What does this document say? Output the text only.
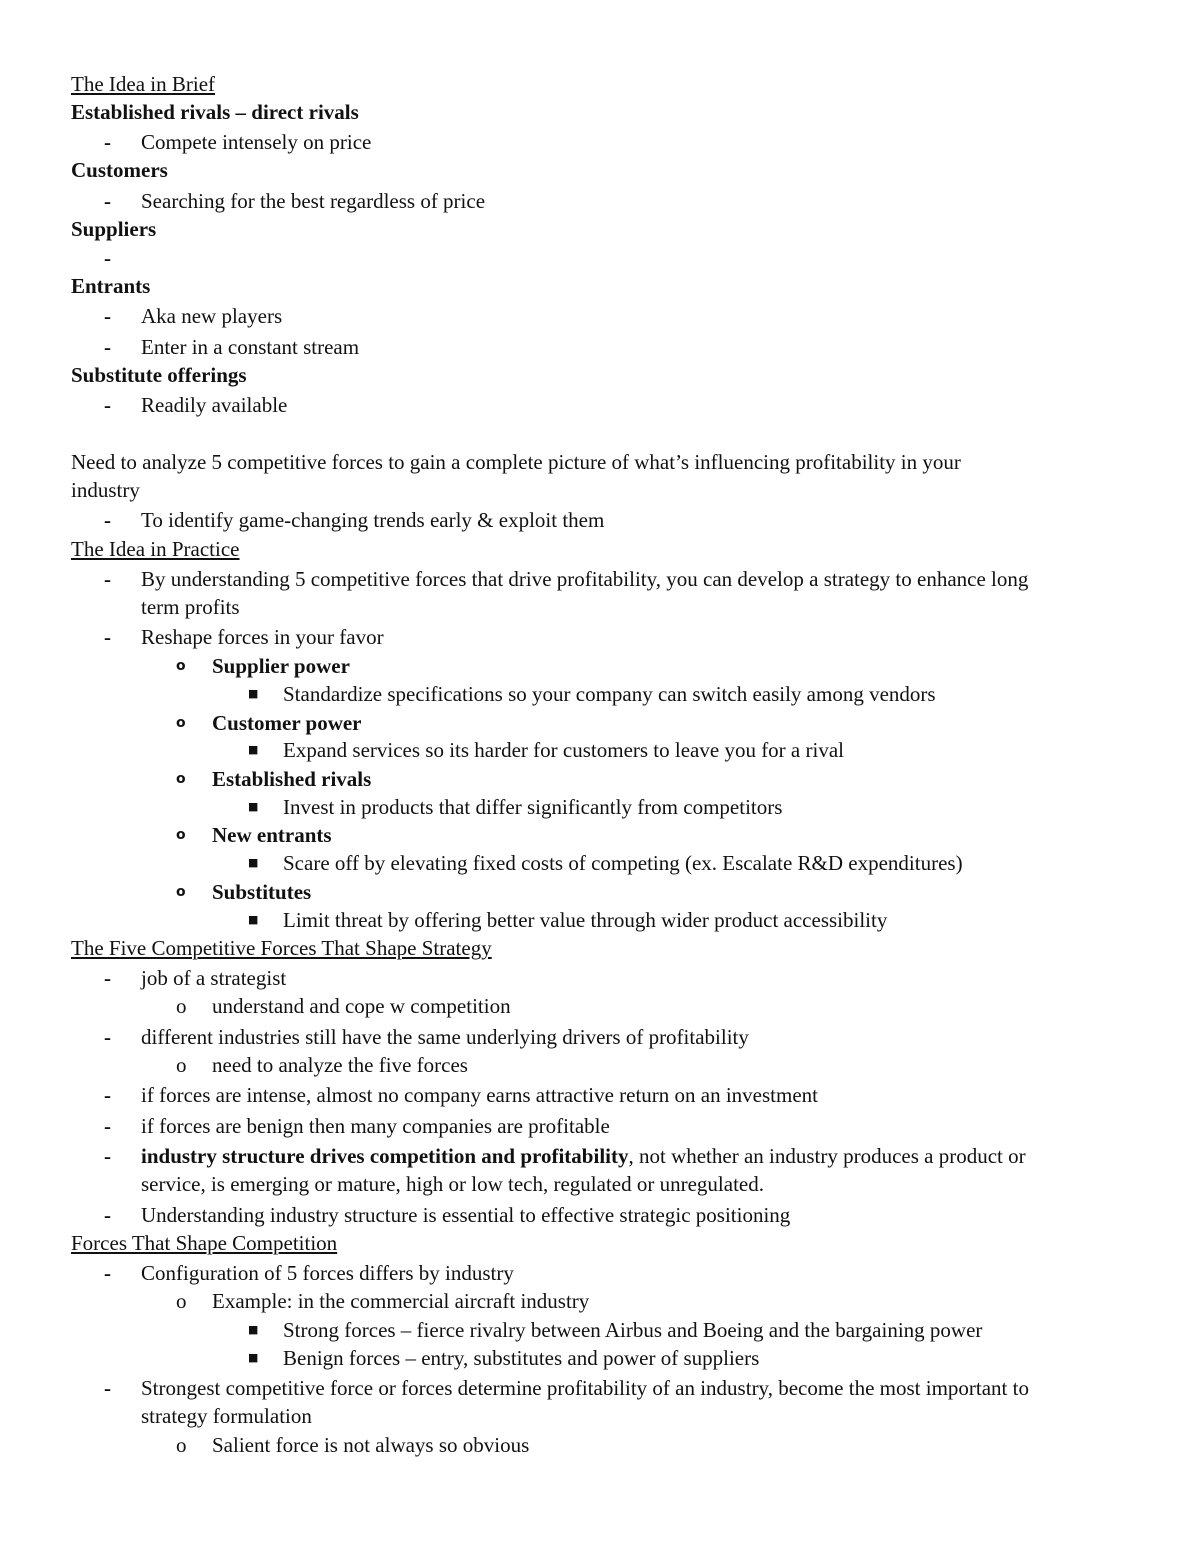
The Idea in Brief
Established rivals – direct rivals
- Compete intensely on price
Customers
- Searching for the best regardless of price
Suppliers
-
Entrants
- Aka new players
- Enter in a constant stream
Substitute offerings
- Readily available
Need to analyze 5 competitive forces to gain a complete picture of what’s influencing profitability in your
industry
- To identify game-changing trends early & exploit them
The Idea in Practice
- By understanding 5 competitive forces that drive profitability, you can develop a strategy to enhance long
term profits
- Reshape forces in your favor
o Supplier power
■ Standardize specifications so your company can switch easily among vendors
o Customer power
■ Expand services so its harder for customers to leave you for a rival
o Established rivals
■ Invest in products that differ significantly from competitors
o New entrants
■ Scare off by elevating fixed costs of competing (ex. Escalate R&D expenditures)
o Substitutes
■ Limit threat by offering better value through wider product accessibility
The Five Competitive Forces That Shape Strategy
- job of a strategist
o understand and cope w competition
- different industries still have the same underlying drivers of profitability
o need to analyze the five forces
- if forces are intense, almost no company earns attractive return on an investment
- if forces are benign then many companies are profitable
- industry structure drives competition and profitability, not whether an industry produces a product or
service, is emerging or mature, high or low tech, regulated or unregulated.
- Understanding industry structure is essential to effective strategic positioning
Forces That Shape Competition
- Configuration of 5 forces differs by industry
o Example: in the commercial aircraft industry
■ Strong forces – fierce rivalry between Airbus and Boeing and the bargaining power
■ Benign forces – entry, substitutes and power of suppliers
- Strongest competitive force or forces determine profitability of an industry, become the most important to
strategy formulation
o Salient force is not always so obvious
